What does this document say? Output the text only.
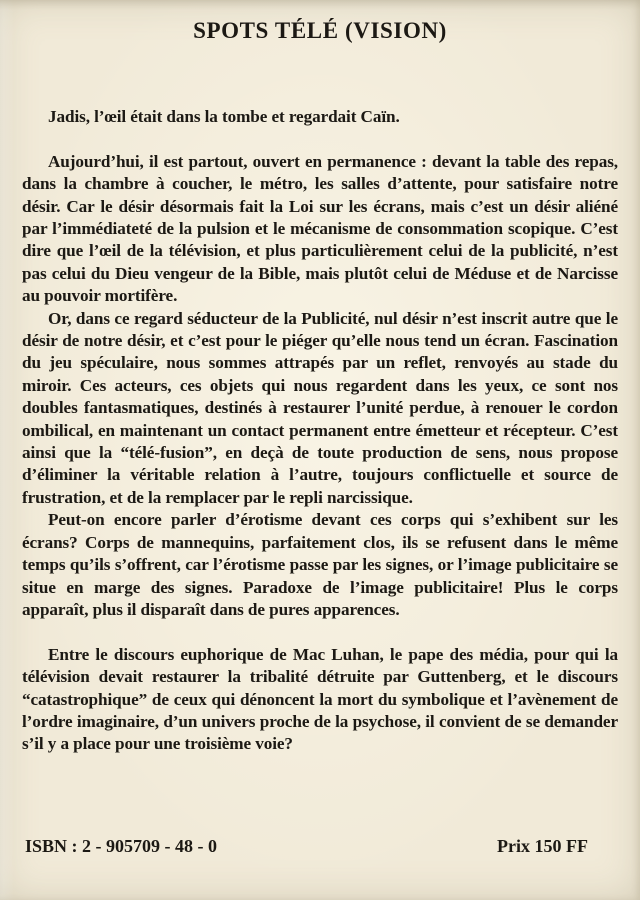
SPOTS TÉLÉ (VISION)

Jadis, l’œil était dans la tombe et regardait Caïn.

Aujourd’hui, il est partout, ouvert en permanence : devant la table des repas, dans la chambre à coucher, le métro, les salles d’attente, pour satisfaire notre désir. Car le désir désormais fait la Loi sur les écrans, mais c’est un désir aliéné par l’immédiateté de la pulsion et le mécanisme de consommation scopique. C’est dire que l’œil de la télévision, et plus particulièrement celui de la publicité, n’est pas celui du Dieu vengeur de la Bible, mais plutôt celui de Méduse et de Narcisse au pouvoir mortifère.

Or, dans ce regard séducteur de la Publicité, nul désir n’est inscrit autre que le désir de notre désir, et c’est pour le piéger qu’elle nous tend un écran. Fascination du jeu spéculaire, nous sommes attrapés par un reflet, renvoyés au stade du miroir. Ces acteurs, ces objets qui nous regardent dans les yeux, ce sont nos doubles fantasmatiques, destinés à restaurer l’unité perdue, à renouer le cordon ombilical, en maintenant un contact permanent entre émetteur et récepteur. C’est ainsi que la “télé-fusion”, en deçà de toute production de sens, nous propose d’éliminer la véritable relation à l’autre, toujours conflictuelle et source de frustration, et de la remplacer par le repli narcissique.

Peut-on encore parler d’érotisme devant ces corps qui s’exhibent sur les écrans? Corps de mannequins, parfaitement clos, ils se refusent dans le même temps qu’ils s’offrent, car l’érotisme passe par les signes, or l’image publicitaire se situe en marge des signes. Paradoxe de l’image publicitaire! Plus le corps apparaît, plus il disparaît dans de pures apparences.

Entre le discours euphorique de Mac Luhan, le pape des média, pour qui la télévision devait restaurer la tribalité détruite par Guttenberg, et le discours “catastrophique” de ceux qui dénoncent la mort du symbolique et l’avènement de l’ordre imaginaire, d’un univers proche de la psychose, il convient de se demander s’il y a place pour une troisième voie?

ISBN : 2 - 905709 - 48 - 0	Prix 150 FF
